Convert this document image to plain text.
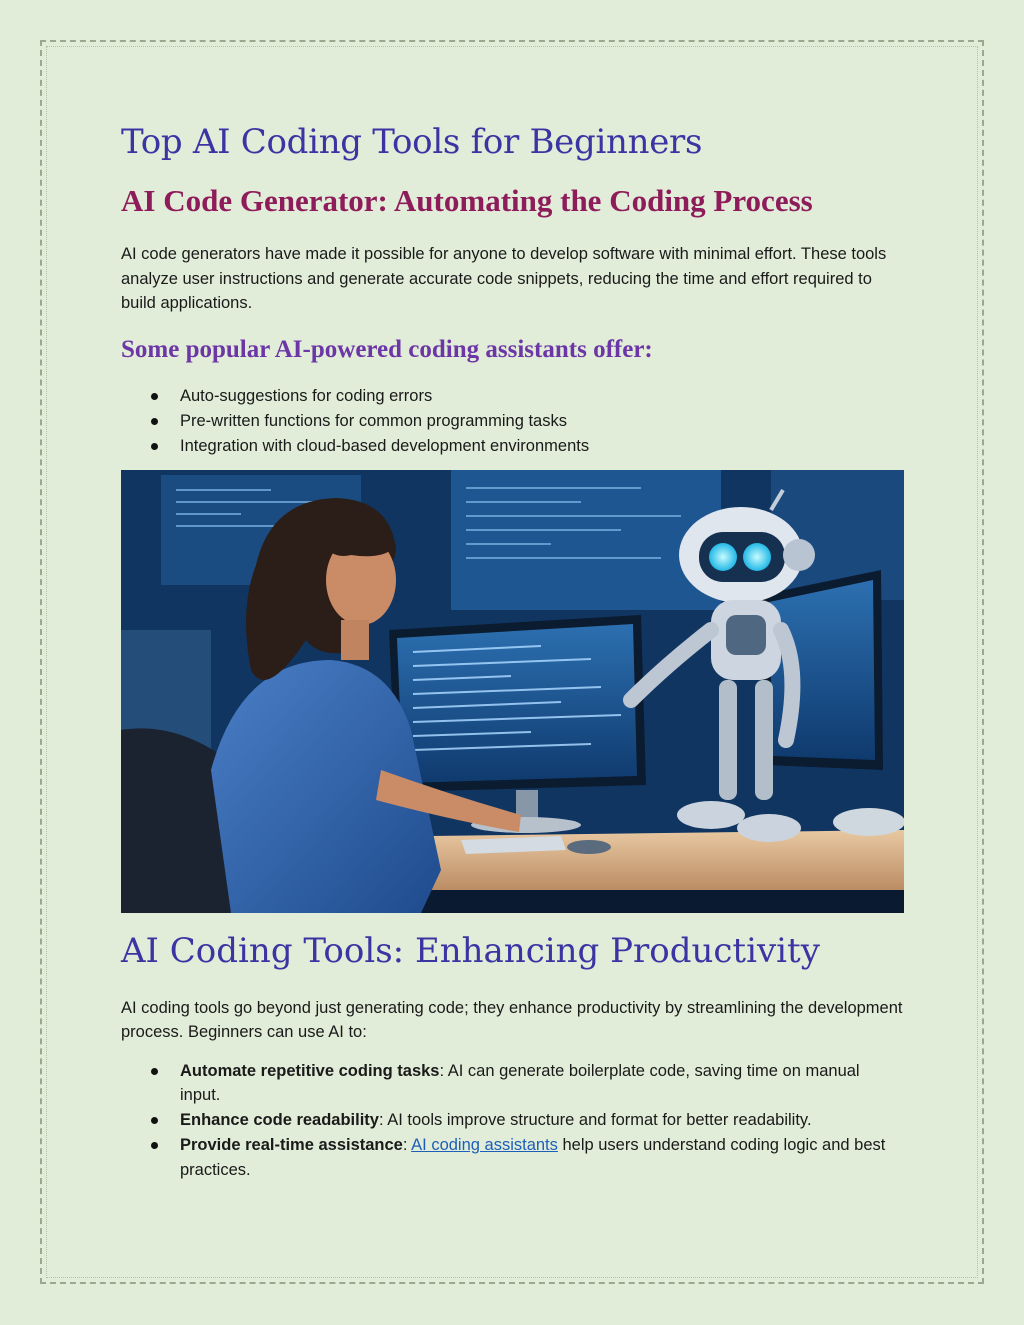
Top AI Coding Tools for Beginners
AI Code Generator: Automating the Coding Process

AI code generators have made it possible for anyone to develop software with minimal effort. These tools analyze user instructions and generate accurate code snippets, reducing the time and effort required to build applications.

Some popular AI-powered coding assistants offer:
Auto-suggestions for coding errors
Pre-written functions for common programming tasks
Integration with cloud-based development environments
AI Coding Tools: Enhancing Productivity

AI coding tools go beyond just generating code; they enhance productivity by streamlining the development process. Beginners can use AI to:

Automate repetitive coding tasks: AI can generate boilerplate code, saving time on manual input.
Enhance code readability: AI tools improve structure and format for better readability.
Provide real-time assistance: AI coding assistants help users understand coding logic and best practices.
